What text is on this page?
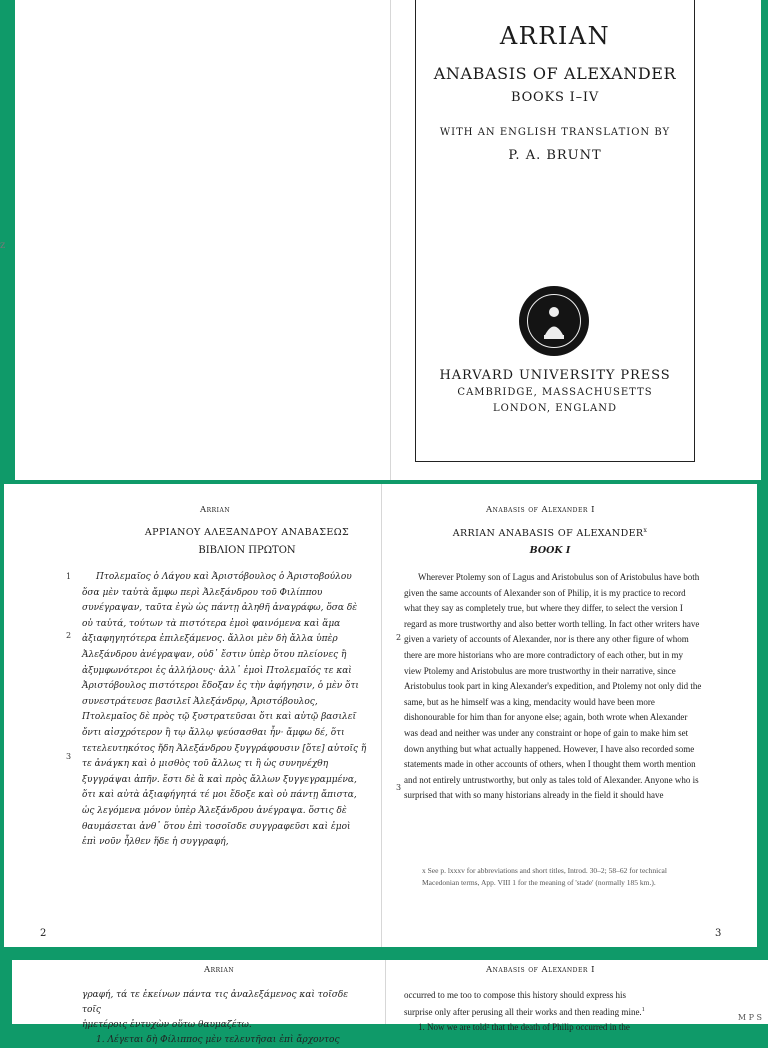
z
ARRIAN
ANABASIS OF ALEXANDER
BOOKS I–IV
WITH AN ENGLISH TRANSLATION BY
P. A. BRUNT
HARVARD UNIVERSITY PRESS
CAMBRIDGE, MASSACHUSETTS
LONDON, ENGLAND
Arrian
ΑΡΡΙΑΝΟΥ ΑΛΕΞΑΝΔΡΟΥ ΑΝΑΒΑΣΕΩΣ
ΒΙΒΛΙΟΝ ΠΡΩΤΟΝ
1
2
3

Πτολεμαῖος ὁ Λάγου καὶ Ἀριστόβουλος ὁ Ἀριστοβούλου ὅσα μὲν ταὐτὰ ἄμφω περὶ Ἀλεξάνδρου τοῦ Φιλίππου συνέγραψαν, ταῦτα ἐγὼ ὡς πάντῃ ἀληθῆ ἀναγράφω, ὅσα δὲ οὐ ταὐτά, τούτων τὰ πιστότερα ἐμοὶ φαινόμενα καὶ ἅμα ἀξιαφηγητότερα ἐπιλεξάμενος. ἄλλοι μὲν δὴ ἄλλα ὑπὲρ Ἀλεξάνδρου ἀνέγραψαν, οὐδ᾽ ἔστιν ὑπὲρ ὅτου πλείονες ἢ ἀξυμφωνότεροι ἐς ἀλλήλους· ἀλλ᾽ ἐμοὶ Πτολεμαῖός τε καὶ Ἀριστόβουλος πιστότεροι ἔδοξαν ἐς τὴν ἀφήγησιν, ὁ μὲν ὅτι συνεστράτευσε βασιλεῖ Ἀλεξάνδρῳ, Ἀριστόβουλος, Πτολεμαῖος δὲ πρὸς τῷ ξυστρατεῦσαι ὅτι καὶ αὐτῷ βασιλεῖ ὄντι αἰσχρότερον ἢ τῳ ἄλλῳ ψεύσασθαι ἦν· ἄμφω δέ, ὅτι τετελευτηκότος ἤδη Ἀλεξάνδρου ξυγγράφουσιν [ὅτε] αὐτοῖς ἥ τε ἀνάγκη καὶ ὁ μισθὸς τοῦ ἄλλως τι ἢ ὡς συνηνέχθη ξυγγράψαι ἀπῆν. ἔστι δὲ ἃ καὶ πρὸς ἄλλων ξυγγεγραμμένα, ὅτι καὶ αὐτὰ ἀξιαφήγητά τέ μοι ἔδοξε καὶ οὐ πάντῃ ἄπιστα, ὡς λεγόμενα μόνον ὑπὲρ Ἀλεξάνδρου ἀνέγραψα. ὅστις δὲ θαυμάσεται ἀνθ᾽ ὅτου ἐπὶ τοσοῖσδε συγγραφεῦσι καὶ ἐμοὶ ἐπὶ νοῦν ἦλθεν ἥδε ἡ συγγραφή,

2
Anabasis of Alexander I
ARRIAN ANABASIS OF ALEXANDER$^x$
BOOK I
2
3

Wherever Ptolemy son of Lagus and Aristobulus son of Aristobulus have both given the same accounts of Alexander son of Philip, it is my practice to record what they say as completely true, but where they differ, to select the version I regard as more trustworthy and also better worth telling. In fact other writers have given a variety of accounts of Alexander, nor is there any other figure of whom there are more historians who are more contradictory of each other, but in my view Ptolemy and Aristobulus are more trustworthy in their narrative, since Aristobulus took part in king Alexander's expedition, and Ptolemy not only did the same, but as he himself was a king, mendacity would have been more dishonourable for him than for anyone else; again, both wrote when Alexander was dead and neither was under any constraint or hope of gain to make him set down anything but what actually happened. However, I have also recorded some statements made in other accounts of others, when I thought them worth mention and not entirely untrustworthy, but only as tales told of Alexander. Anyone who is surprised that with so many historians already in the field it should have

x See p. lxxxv for abbreviations and short titles, Introd. 30–2; 58–62 for technical Macedonian terms, App. VIII 1 for the meaning of 'stade' (normally 185 km.).
3
Arrian
γραφή, τά τε ἐκείνων πάντα τις ἀναλεξάμενος καὶ τοῖσδε τοῖς
ἡμετέροις ἐντυχὼν οὕτω θαυμαζέτω.
1. Λέγεται δὴ Φίλιππος μὲν τελευτῆσαι ἐπὶ ἄρχοντος
Anabasis of Alexander I
occurred to me too to compose this history should express his
surprise only after perusing all their works and then reading mine.$^1$
1. Now we are told² that the death of Philip occurred in the
M P S
